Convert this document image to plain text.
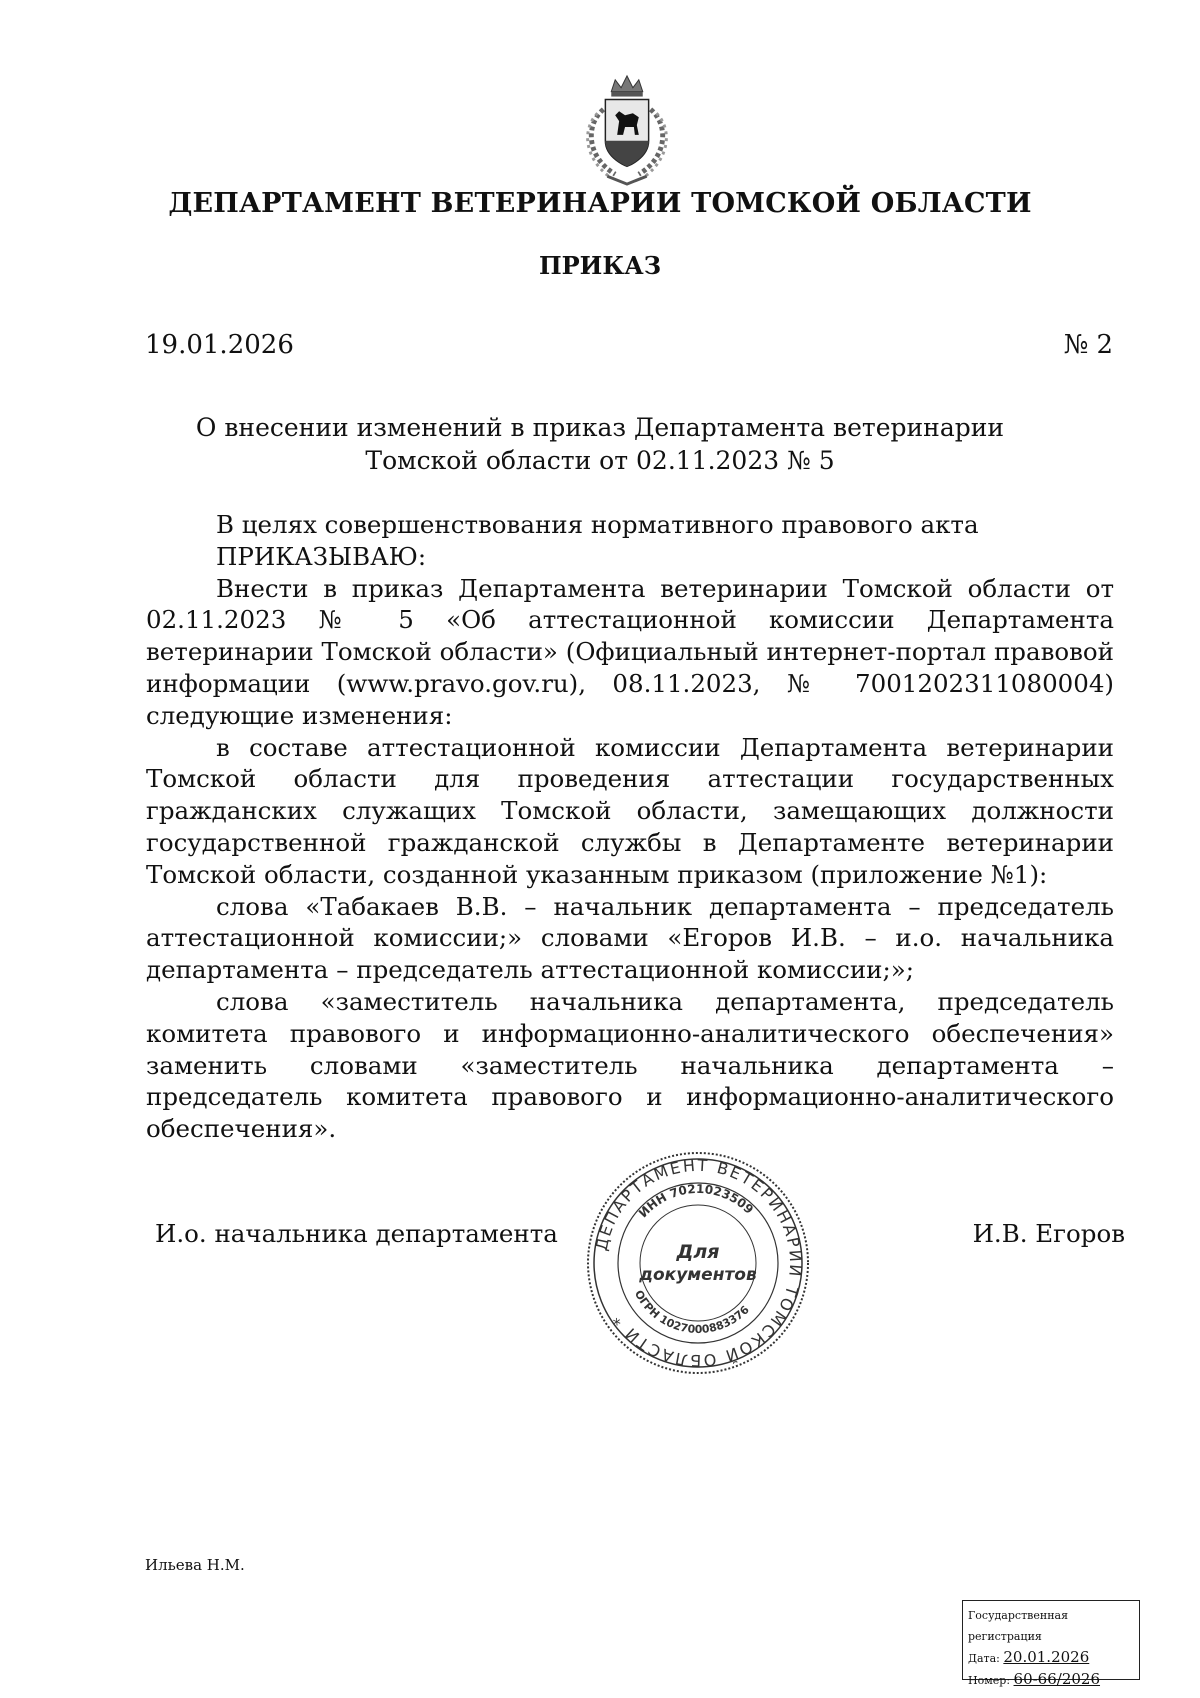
ДЕПАРТАМЕНТ ВЕТЕРИНАРИИ ТОМСКОЙ ОБЛАСТИ
ПРИКАЗ
19.01.2026	№ 2
О внесении изменений в приказ Департамента ветеринарии
Томской области от 02.11.2023 № 5

В целях совершенствования нормативного правового акта

ПРИКАЗЫВАЮ:

Внести в приказ Департамента ветеринарии Томской области от 02.11.2023 № 5 «Об аттестационной комиссии Департамента ветеринарии Томской области» (Официальный интернет-портал правовой информации (www.pravo.gov.ru), 08.11.2023, № 7001202311080004) следующие изменения:

в составе аттестационной комиссии Департамента ветеринарии Томской области для проведения аттестации государственных гражданских служащих Томской области, замещающих должности государственной гражданской службы в Департаменте ветеринарии Томской области, созданной указанным приказом (приложение №1):

слова «Табакаев В.В. – начальник департамента – председатель аттестационной комиссии;» словами «Егоров И.В. – и.о. начальника департамента – председатель аттестационной комиссии;»;

слова «заместитель начальника департамента, председатель комитета правового и информационно-аналитического обеспечения» заменить словами «заместитель начальника департамента – председатель комитета правового и информационно-аналитического обеспечения».

И.о. начальника департамента ДЕПАРТАМЕНТ ВЕТЕРИНАРИИ ТОМСКОЙ ОБЛАСТИ *
ИНН 7021023509
ОГРН 1027000883376
Для
документов
И.В. Егоров
Ильева Н.М.
Государственная регистрация
Дата: 20.01.2026
Номер: 60-66/2026
